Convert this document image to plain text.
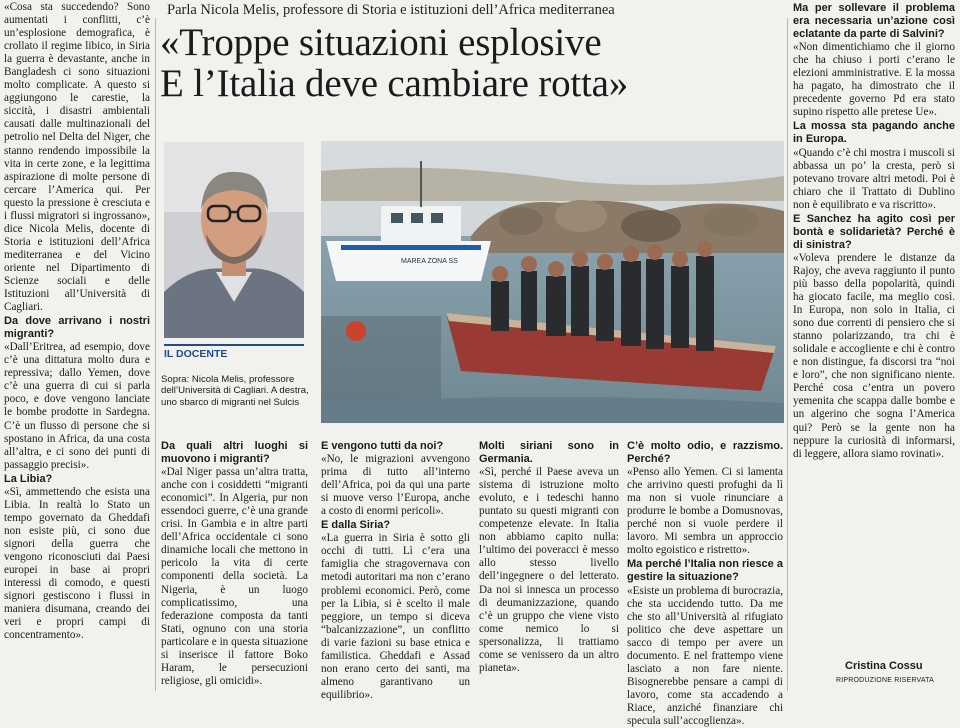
Parla Nicola Melis, professore di Storia e istituzioni dell’Africa mediterranea
«Troppe situazioni esplosive
E l’Italia deve cambiare rotta»
IL DOCENTE
Sopra: Nicola Melis, professore dell’Università di Cagliari. A destra, uno sbarco di migranti nel Sulcis
MAREA ZONA SS

«Cosa sta succedendo? Sono aumentati i conflitti, c’è un’esplosione demografica, è crollato il regime libico, in Siria la guerra è devastante, anche in Bangladesh ci sono situazioni molto complicate. A questo si aggiungono le carestie, la siccità, i disastri ambientali causati dalle multinazionali del petrolio nel Delta del Niger, che stanno rendendo impossibile la vita in certe zone, e la legittima aspirazione di molte persone di cercare l’America qui. Per questo la pressione è cresciuta e i flussi migratori si ingrossano», dice Nicola Melis, docente di Storia e istituzioni dell’Africa mediterranea e del Vicino oriente nel Dipartimento di Scienze sociali e delle Istituzioni all’Università di Cagliari.

Da dove arrivano i nostri migranti?

«Dall’Eritrea, ad esempio, dove c’è una dittatura molto dura e repressiva; dallo Yemen, dove c’è una guerra di cui si parla poco, e dove vengono lanciate le bombe prodotte in Sardegna. C’è un flusso di persone che si spostano in Africa, da una costa all’altra, e ci sono dei punti di passaggio precisi».

La Libia?

«Sì, ammettendo che esista una Libia. In realtà lo Stato un tempo governato da Gheddafi non esiste più, ci sono due signori della guerra che vengono riconosciuti dai Paesi europei in base ai propri interessi di comodo, e questi signori gestiscono i flussi in maniera disumana, creando dei veri e propri campi di concentramento».

Da quali altri luoghi si muovono i migranti?

«Dal Niger passa un’altra tratta, anche con i cosiddetti “migranti economici”. In Algeria, pur non essendoci guerre, c’è una grande crisi. In Gambia e in altre parti dell’Africa occidentale ci sono dinamiche locali che mettono in pericolo la vita di certe componenti della società. La Nigeria, è un luogo complicatissimo, una federazione composta da tanti Stati, ognuno con una storia particolare e in questa situazione si inserisce il fattore Boko Haram, le persecuzioni religiose, gli omicidi».

E vengono tutti da noi?

«No, le migrazioni avvengono prima di tutto all’interno dell’Africa, poi da qui una parte si muove verso l’Europa, anche a costo di enormi pericoli».

E dalla Siria?

«La guerra in Siria è sotto gli occhi di tutti. Lì c’era una famiglia che stragovernava con metodi autoritari ma non c’erano problemi economici. Però, come per la Libia, si è scelto il male peggiore, un tempo si diceva “balcanizzazione”, un conflitto di varie fazioni su base etnica e familistica. Gheddafi e Assad non erano certo dei santi, ma almeno garantivano un equilibrio».

Molti siriani sono in Germania.

«Sì, perché il Paese aveva un sistema di istruzione molto evoluto, e i tedeschi hanno puntato su questi migranti con competenze elevate. In Italia non abbiamo capito nulla: l’ultimo dei poveracci è messo allo stesso livello dell’ingegnere o del letterato. Da noi si innesca un processo di deumanizzazione, quando c’è un gruppo che viene visto come nemico lo si spersonalizza, li trattiamo come se venissero da un altro pianeta».

C’è molto odio, e razzismo. Perché?

«Penso allo Yemen. Ci si lamenta che arrivino questi profughi da lì ma non si vuole rinunciare a produrre le bombe a Domusnovas, perché non si vuole perdere il lavoro. Mi sembra un approccio molto egoistico e ristretto».

Ma perché l’Italia non riesce a gestire la situazione?

«Esiste un problema di burocrazia, che sta uccidendo tutto. Da me che sto all’Università al rifugiato politico che deve aspettare un sacco di tempo per avere un documento. E nel frattempo viene lasciato a non fare niente. Bisognerebbe pensare a campi di lavoro, come sta accadendo a Riace, anziché finanziare chi specula sull’accoglienza».

Ma per sollevare il problema era necessaria un’azione così eclatante da parte di Salvini?

«Non dimentichiamo che il giorno che ha chiuso i porti c’erano le elezioni amministrative. E la mossa ha pagato, ha dimostrato che il precedente governo Pd era stato supino rispetto alle pretese Ue».

La mossa sta pagando anche in Europa.

«Quando c’è chi mostra i muscoli si abbassa un po’ la cresta, però si potevano trovare altri metodi. Poi è chiaro che il Trattato di Dublino non è equilibrato e va riscritto».

E Sanchez ha agito così per bontà e solidarietà? Perché è di sinistra?

«Voleva prendere le distanze da Rajoy, che aveva raggiunto il punto più basso della popolarità, quindi ha giocato facile, ma meglio così. In Europa, non solo in Italia, ci sono due correnti di pensiero che si stanno polarizzando, tra chi è solidale e accogliente e chi è contro e non distingue, fa discorsi tra “noi e loro”, che non significano niente. Perché cosa c’entra un povero yemenita che scappa dalle bombe e un algerino che sogna l’America qui? Però se la gente non ha neppure la curiosità di informarsi, di leggere, allora siamo rovinati».

Cristina Cossu
RIPRODUZIONE RISERVATA
